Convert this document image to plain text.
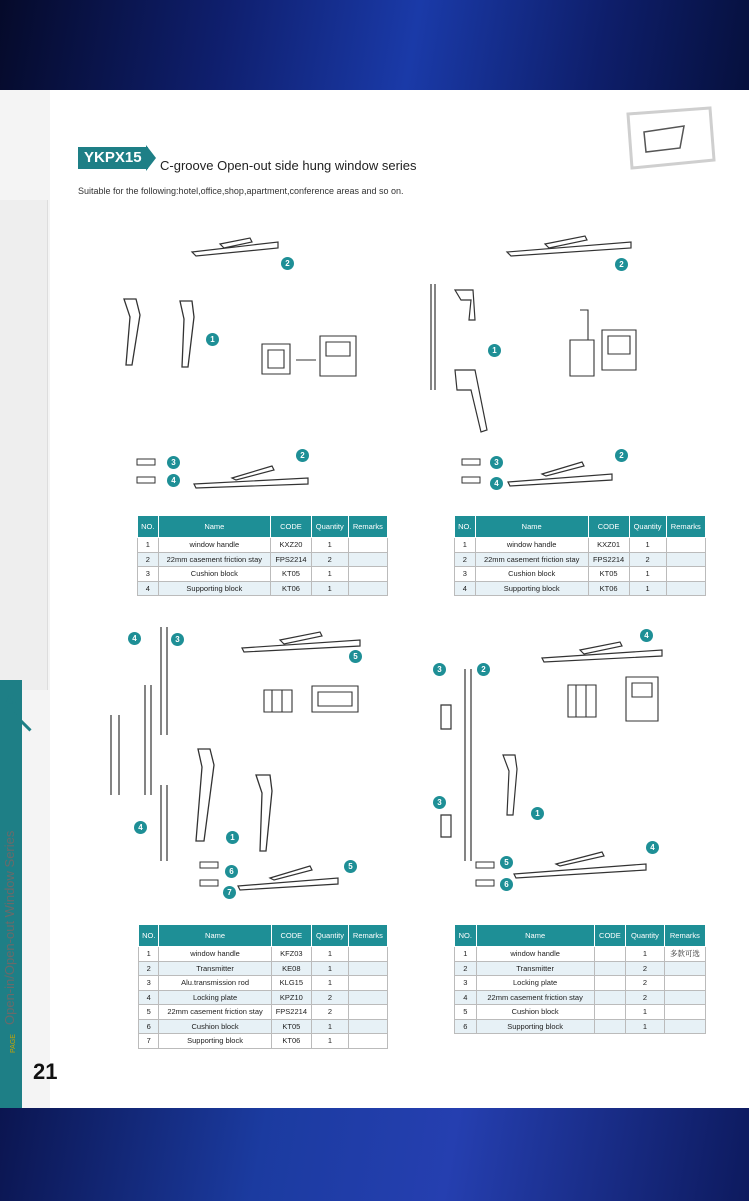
A
Open-in/Open-out Window Series
PAGE
21
YKPX15	C-groove Open-out side hung window series
Suitable for the following:hotel,office,shop,apartment,conference areas and so on.
2
1
3
4
2
2
1
3
4
2
4	3
5
1
4
6
7
5
4
3	2
3
1
5
6
4
NO.	Name	CODE	Quantity	Remarks
1	window handle	KXZ20	1	
2	22mm casement friction stay	FPS2214	2	
3	Cushion block	KT05	1	
4	Supporting block	KT06	1	
NO.	Name	CODE	Quantity	Remarks
1	window handle	KXZ01	1	
2	22mm casement friction stay	FPS2214	2	
3	Cushion block	KT05	1	
4	Supporting block	KT06	1	
NO.	Name	CODE	Quantity	Remarks
1	window handle	KFZ03	1	
2	Transmitter	KE08	1	
3	Alu.transmission rod	KLG15	1	
4	Locking plate	KPZ10	2	
5	22mm casement friction stay	FPS2214	2	
6	Cushion block	KT05	1	
7	Supporting block	KT06	1	
NO.	Name	CODE	Quantity	Remarks
1	window handle		1	多款可选
2	Transmitter		2	
3	Locking plate		2	
4	22mm casement friction stay		2	
5	Cushion block		1	
6	Supporting block		1	
